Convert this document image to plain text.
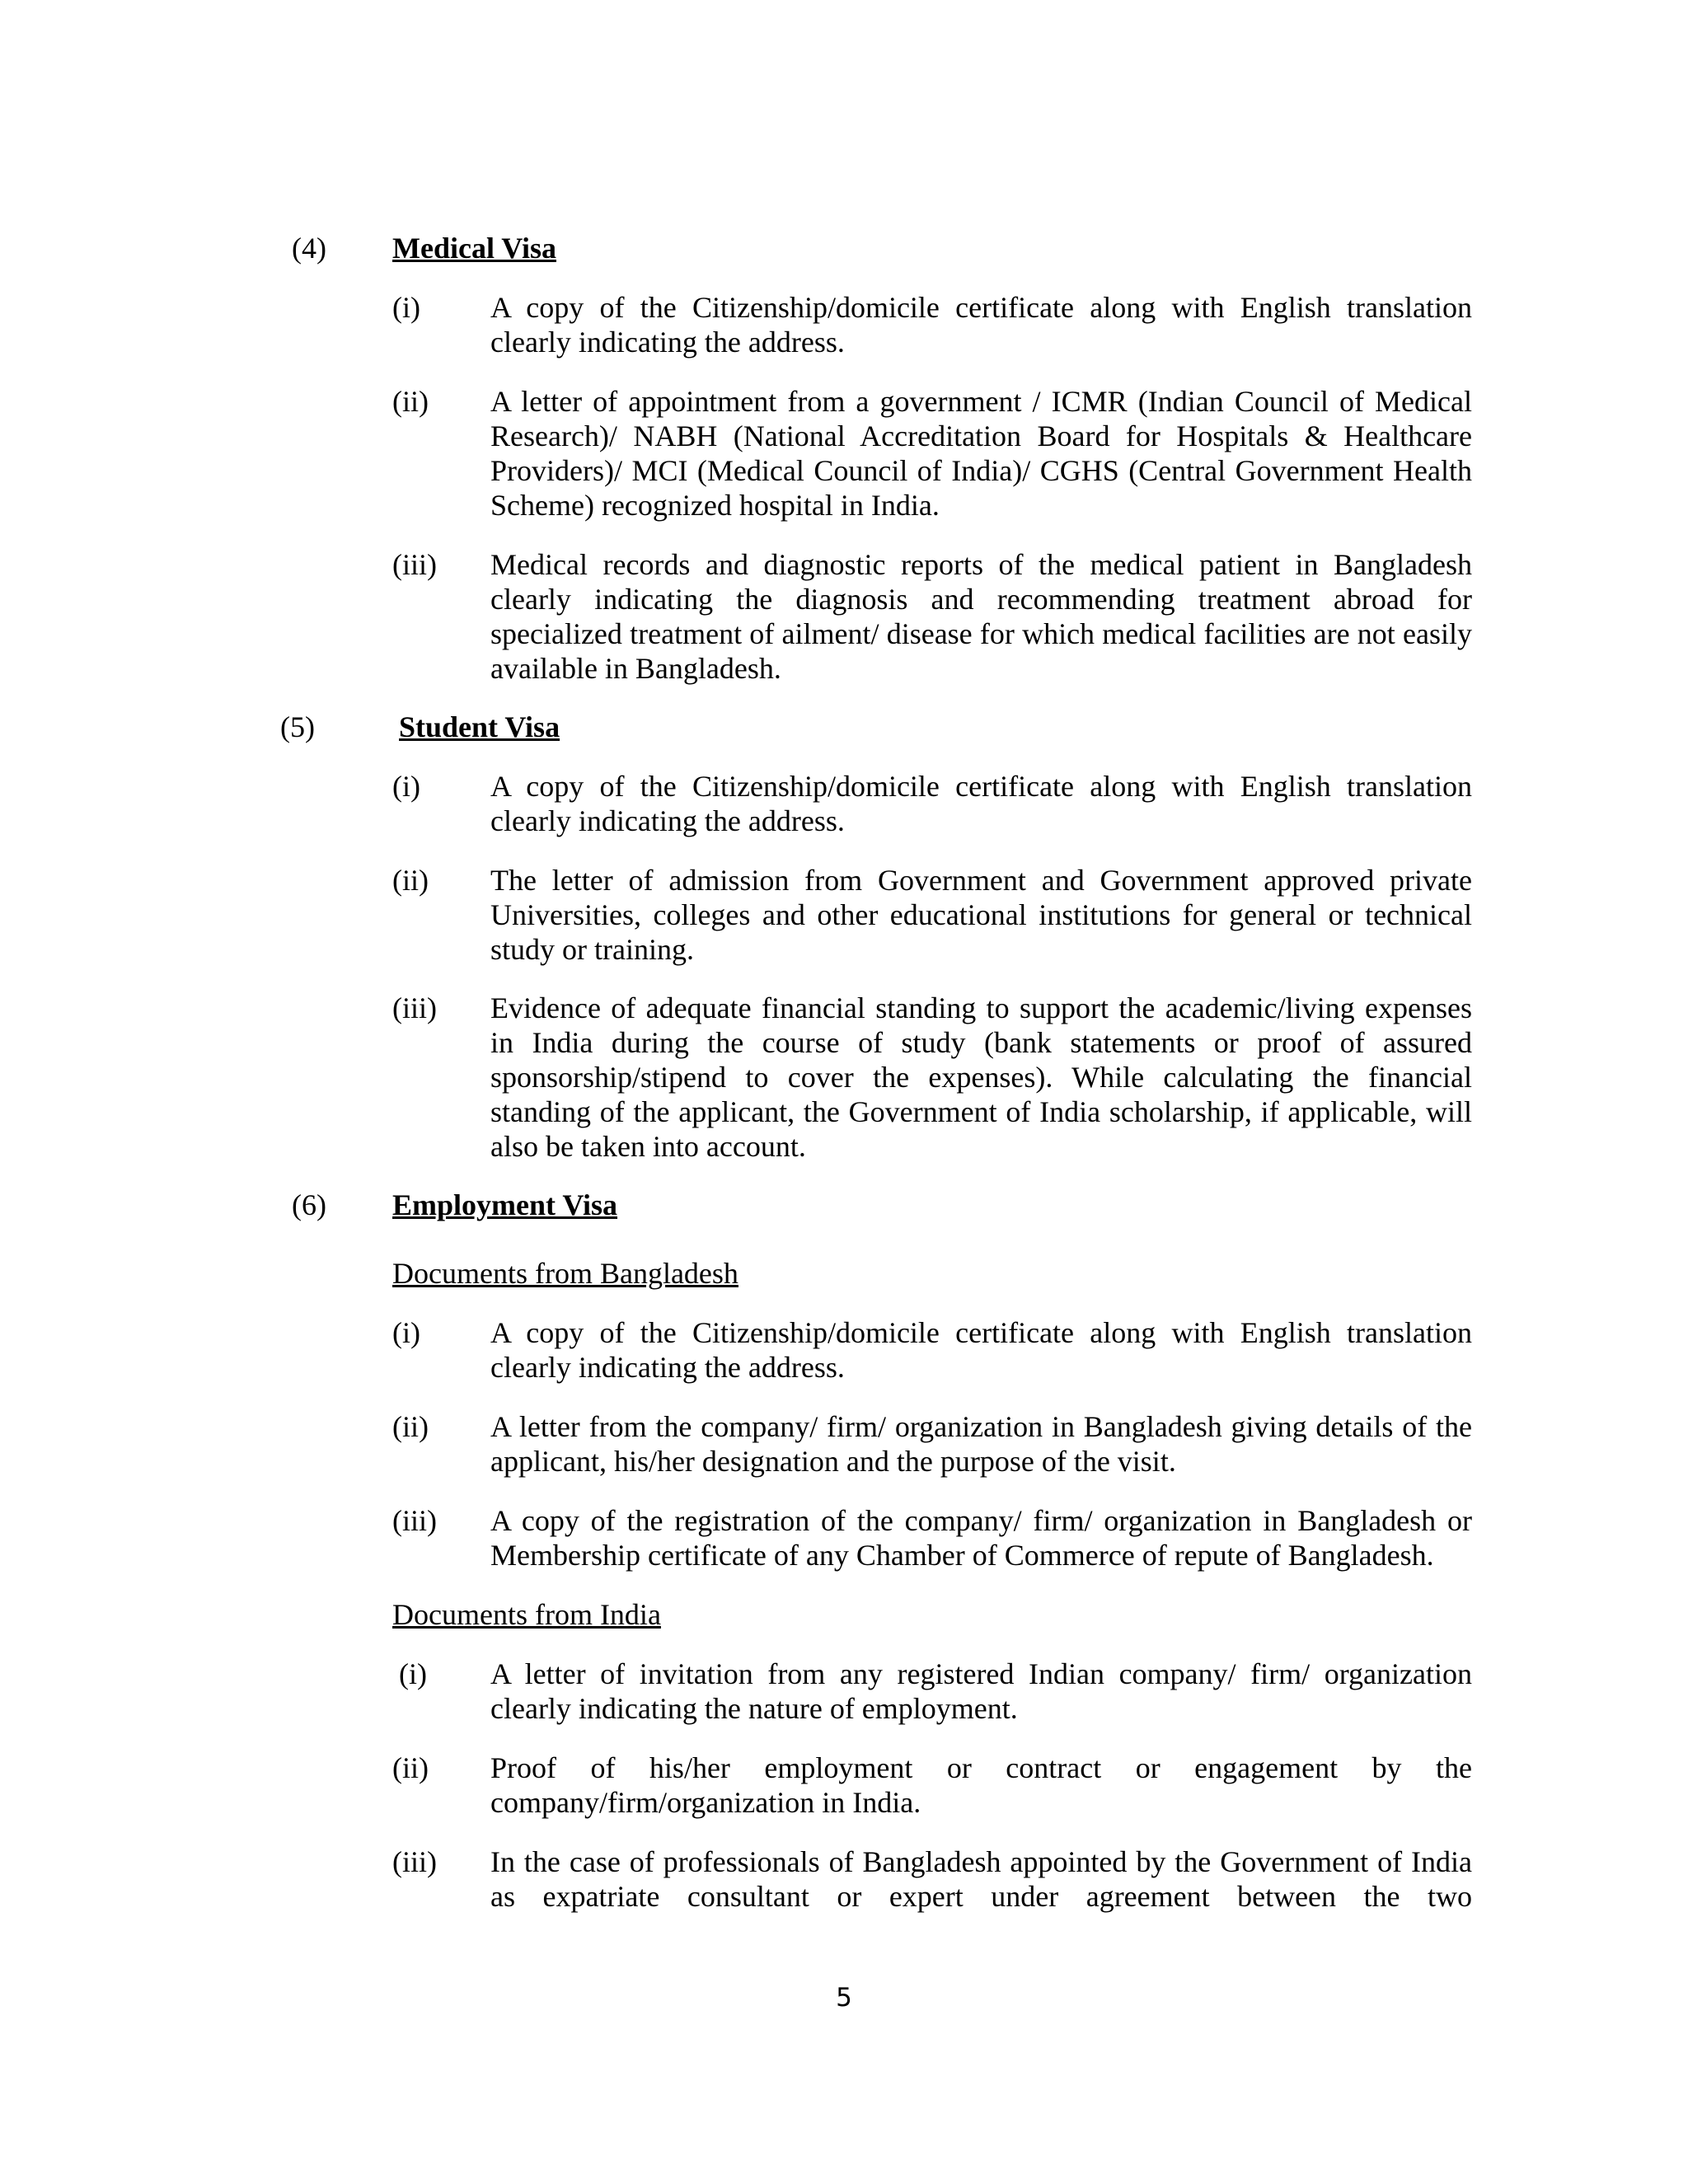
(4) Medical Visa
(i) A copy of the Citizenship/domicile certificate along with English translation clearly indicating the address.
(ii) A letter of appointment from a government / ICMR (Indian Council of Medical Research)/ NABH (National Accreditation Board for Hospitals & Healthcare Providers)/ MCI (Medical Council of India)/ CGHS (Central Government Health Scheme) recognized hospital in India.
(iii) Medical records and diagnostic reports of the medical patient in Bangladesh clearly indicating the diagnosis and recommending treatment abroad for specialized treatment of ailment/ disease for which medical facilities are not easily available in Bangladesh.
(5)	Student Visa
(i) A copy of the Citizenship/domicile certificate along with English translation clearly indicating the address.
(ii) The letter of admission from Government and Government approved private Universities, colleges and other educational institutions for general or technical study or training.
(iii) Evidence of adequate financial standing to support the academic/living expenses in India during the course of study (bank statements or proof of assured sponsorship/stipend to cover the expenses). While calculating the financial standing of the applicant, the Government of India scholarship, if applicable, will also be taken into account.
(6) Employment Visa
Documents from Bangladesh
(i) A copy of the Citizenship/domicile certificate along with English translation clearly indicating the address.
(ii) A letter from the company/ firm/ organization in Bangladesh giving details of the applicant, his/her designation and the purpose of the visit.
(iii) A copy of the registration of the company/ firm/ organization in Bangladesh or Membership certificate of any Chamber of Commerce of repute of Bangladesh.
Documents from India
(i) A letter of invitation from any registered Indian company/ firm/ organization clearly indicating the nature of employment.
(ii) Proof of his/her employment or contract or engagement by the company/firm/organization in India.
(iii) In the case of professionals of Bangladesh appointed by the Government of India as expatriate consultant or expert under agreement between the two
5
